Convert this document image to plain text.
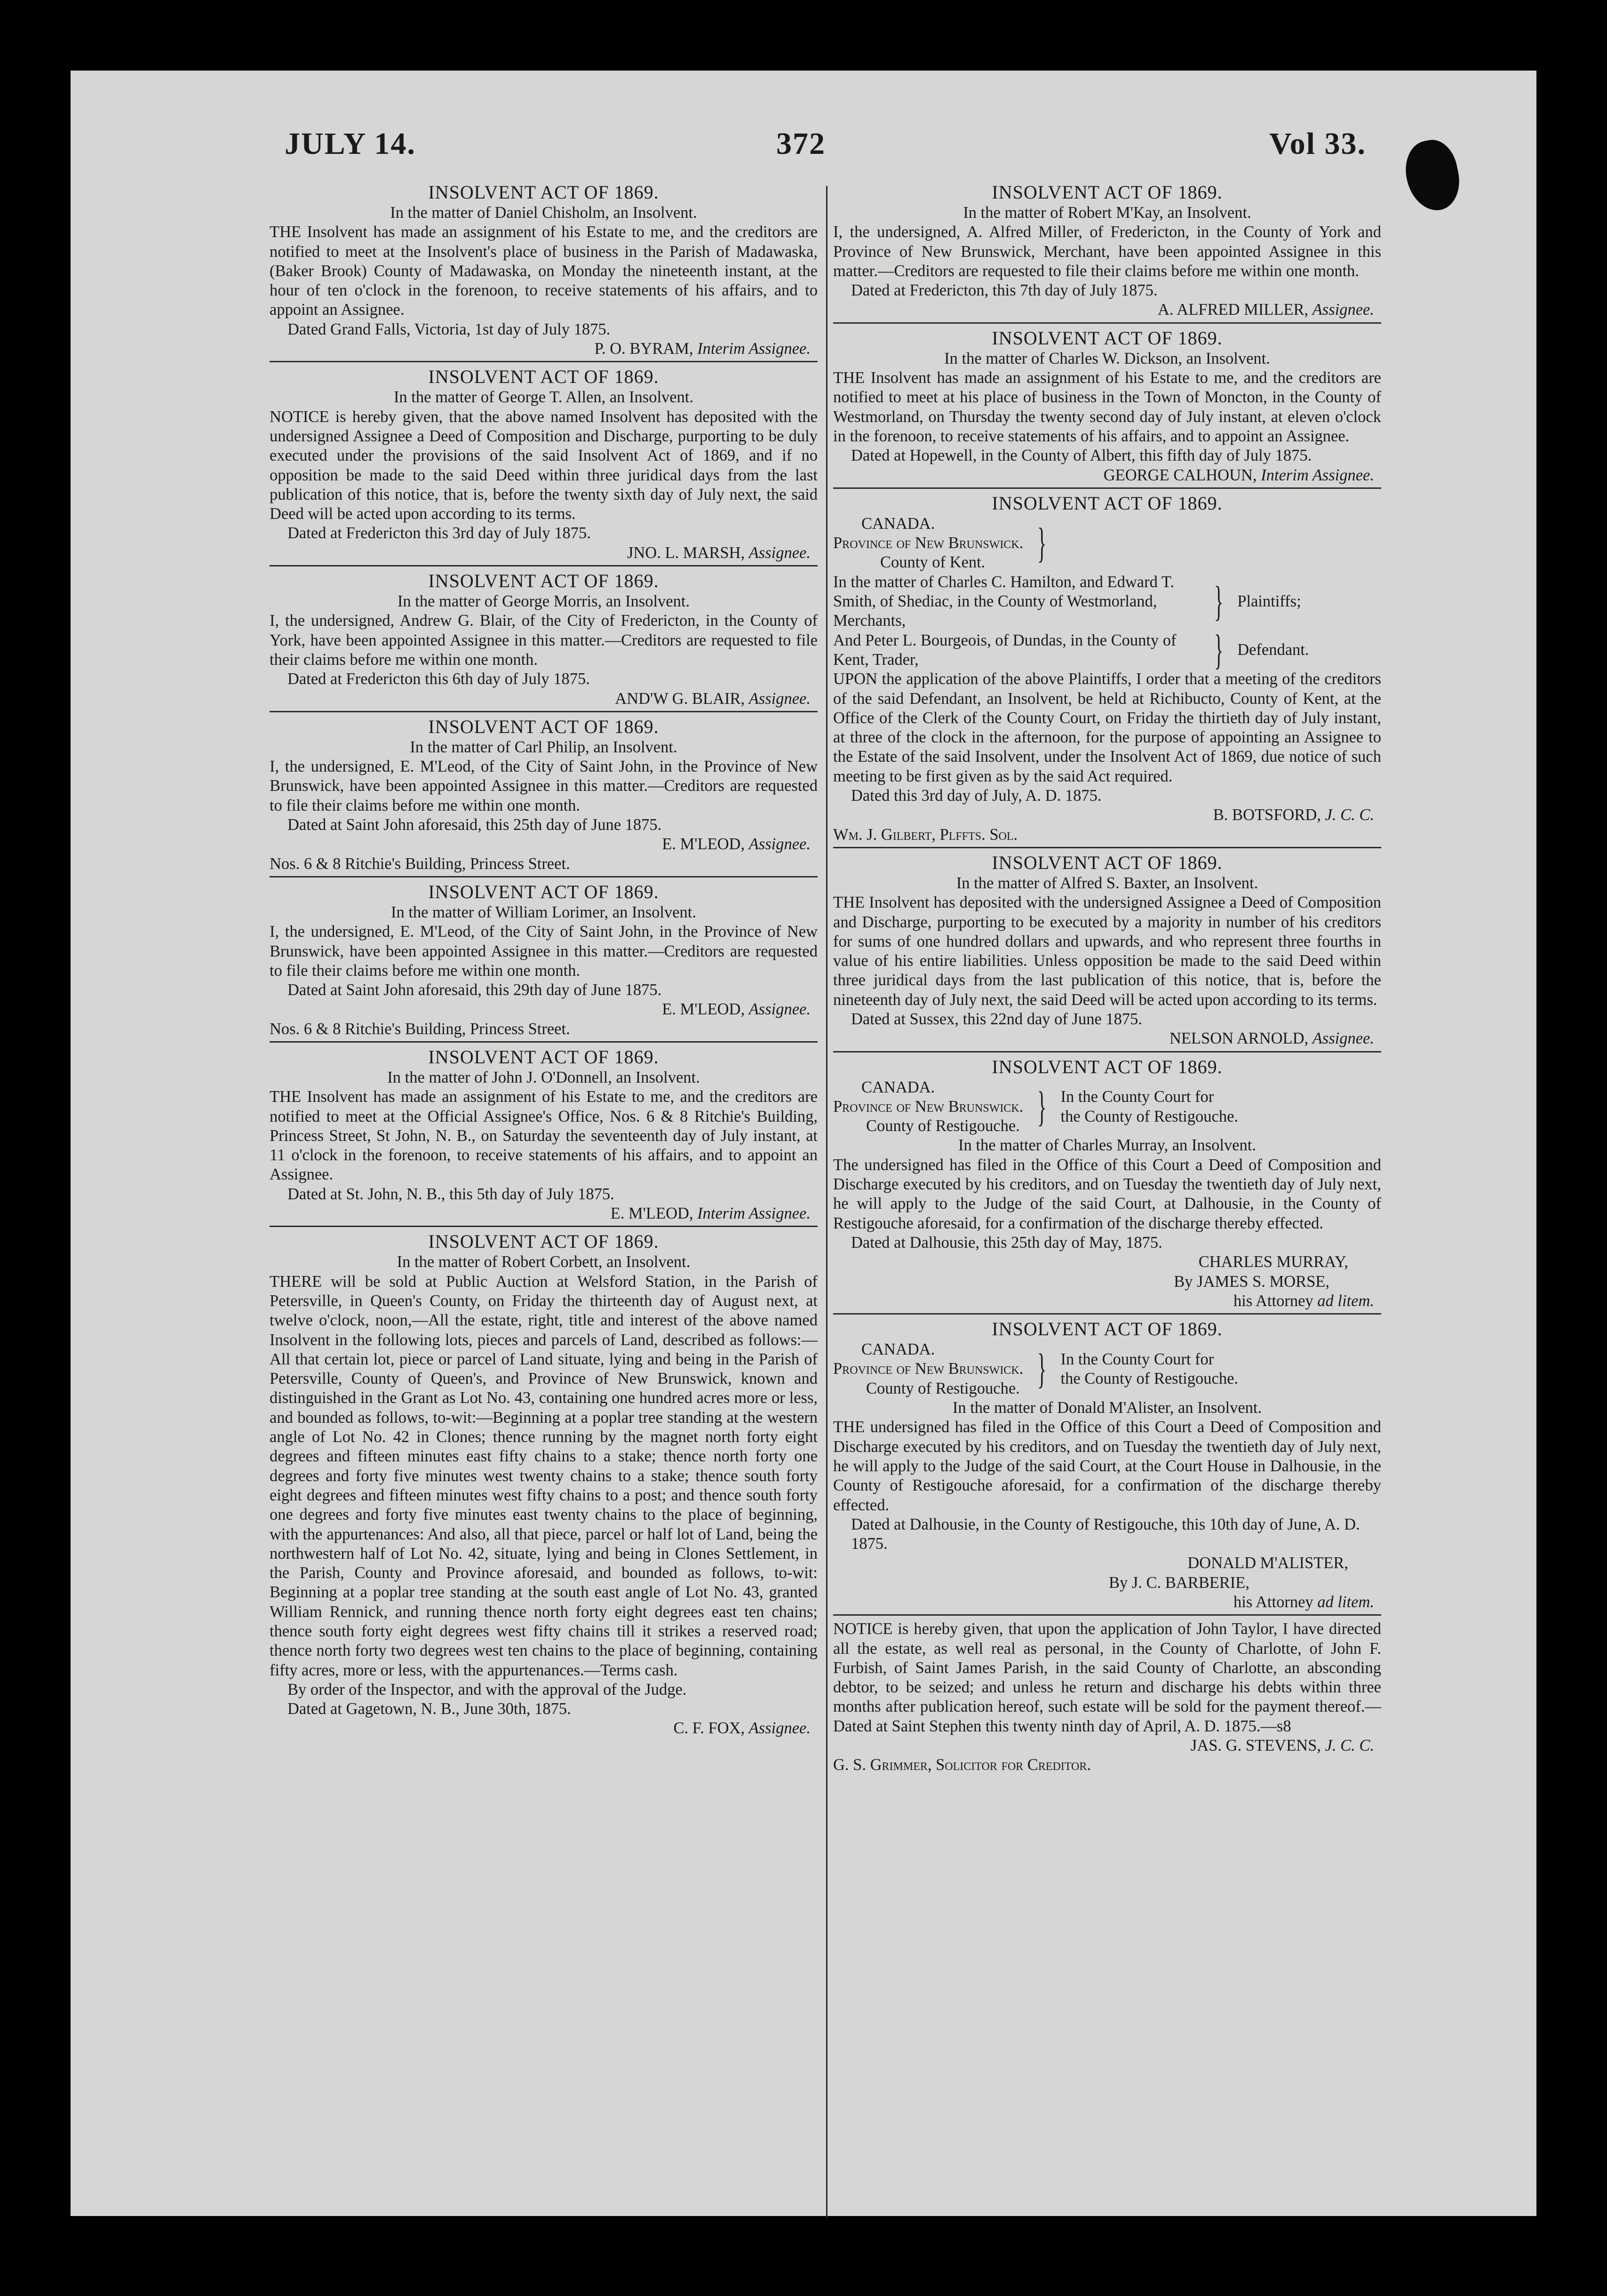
JULY 14.	372	Vol 33.
INSOLVENT ACT OF 1869.
In the matter of Daniel Chisholm, an Insolvent.

THE Insolvent has made an assignment of his Estate to me, and the creditors are notified to meet at the Insolvent's place of business in the Parish of Madawaska, (Baker Brook) County of Madawaska, on Monday the nineteenth instant, at the hour of ten o'clock in the forenoon, to receive statements of his affairs, and to appoint an Assignee.

Dated Grand Falls, Victoria, 1st day of July 1875.

P. O. BYRAM, Interim Assignee.
INSOLVENT ACT OF 1869.
In the matter of George T. Allen, an Insolvent.

NOTICE is hereby given, that the above named Insolvent has deposited with the undersigned Assignee a Deed of Composition and Discharge, purporting to be duly executed under the provisions of the said Insolvent Act of 1869, and if no opposition be made to the said Deed within three juridical days from the last publication of this notice, that is, before the twenty sixth day of July next, the said Deed will be acted upon according to its terms.

Dated at Fredericton this 3rd day of July 1875.

JNO. L. MARSH, Assignee.
INSOLVENT ACT OF 1869.
In the matter of George Morris, an Insolvent.

I, the undersigned, Andrew G. Blair, of the City of Fredericton, in the County of York, have been appointed Assignee in this matter.—Creditors are requested to file their claims before me within one month.

Dated at Fredericton this 6th day of July 1875.

AND'W G. BLAIR, Assignee.
INSOLVENT ACT OF 1869.
In the matter of Carl Philip, an Insolvent.

I, the undersigned, E. M'Leod, of the City of Saint John, in the Province of New Brunswick, have been appointed Assignee in this matter.—Creditors are requested to file their claims before me within one month.

Dated at Saint John aforesaid, this 25th day of June 1875.

E. M'LEOD, Assignee.
Nos. 6 & 8 Ritchie's Building, Princess Street.
INSOLVENT ACT OF 1869.
In the matter of William Lorimer, an Insolvent.

I, the undersigned, E. M'Leod, of the City of Saint John, in the Province of New Brunswick, have been appointed Assignee in this matter.—Creditors are requested to file their claims before me within one month.

Dated at Saint John aforesaid, this 29th day of June 1875.

E. M'LEOD, Assignee.
Nos. 6 & 8 Ritchie's Building, Princess Street.
INSOLVENT ACT OF 1869.
In the matter of John J. O'Donnell, an Insolvent.

THE Insolvent has made an assignment of his Estate to me, and the creditors are notified to meet at the Official Assignee's Office, Nos. 6 & 8 Ritchie's Building, Princess Street, St John, N. B., on Saturday the seventeenth day of July instant, at 11 o'clock in the forenoon, to receive statements of his affairs, and to appoint an Assignee.

Dated at St. John, N. B., this 5th day of July 1875.

E. M'LEOD, Interim Assignee.
INSOLVENT ACT OF 1869.
In the matter of Robert Corbett, an Insolvent.

THERE will be sold at Public Auction at Welsford Station, in the Parish of Petersville, in Queen's County, on Friday the thirteenth day of August next, at twelve o'clock, noon,—All the estate, right, title and interest of the above named Insolvent in the following lots, pieces and parcels of Land, described as follows:—All that certain lot, piece or parcel of Land situate, lying and being in the Parish of Petersville, County of Queen's, and Province of New Brunswick, known and distinguished in the Grant as Lot No. 43, containing one hundred acres more or less, and bounded as follows, to-wit:—Beginning at a poplar tree standing at the western angle of Lot No. 42 in Clones; thence running by the magnet north forty eight degrees and fifteen minutes east fifty chains to a stake; thence north forty one degrees and forty five minutes west twenty chains to a stake; thence south forty eight degrees and fifteen minutes west fifty chains to a post; and thence south forty one degrees and forty five minutes east twenty chains to the place of beginning, with the appurtenances: And also, all that piece, parcel or half lot of Land, being the northwestern half of Lot No. 42, situate, lying and being in Clones Settlement, in the Parish, County and Province aforesaid, and bounded as follows, to-wit: Beginning at a poplar tree standing at the south east angle of Lot No. 43, granted William Rennick, and running thence north forty eight degrees east ten chains; thence south forty eight degrees west fifty chains till it strikes a reserved road; thence north forty two degrees west ten chains to the place of beginning, containing fifty acres, more or less, with the appurtenances.—Terms cash.

By order of the Inspector, and with the approval of the Judge.

Dated at Gagetown, N. B., June 30th, 1875.

C. F. FOX, Assignee.
INSOLVENT ACT OF 1869.
In the matter of Robert M'Kay, an Insolvent.

I, the undersigned, A. Alfred Miller, of Fredericton, in the County of York and Province of New Brunswick, Merchant, have been appointed Assignee in this matter.—Creditors are requested to file their claims before me within one month.

Dated at Fredericton, this 7th day of July 1875.

A. ALFRED MILLER, Assignee.
INSOLVENT ACT OF 1869.
In the matter of Charles W. Dickson, an Insolvent.

THE Insolvent has made an assignment of his Estate to me, and the creditors are notified to meet at his place of business in the Town of Moncton, in the County of Westmorland, on Thursday the twenty second day of July instant, at eleven o'clock in the forenoon, to receive statements of his affairs, and to appoint an Assignee.

Dated at Hopewell, in the County of Albert, this fifth day of July 1875.

GEORGE CALHOUN, Interim Assignee.
INSOLVENT ACT OF 1869.
CANADA.
Province of New Brunswick.
County of Kent.	}
In the matter of Charles C. Hamilton, and Edward T. Smith, of Shediac, in the County of Westmorland, Merchants,	} Plaintiffs;
And Peter L. Bourgeois, of Dundas, in the County of Kent, Trader,	} Defendant.

UPON the application of the above Plaintiffs, I order that a meeting of the creditors of the said Defendant, an Insolvent, be held at Richibucto, County of Kent, at the Office of the Clerk of the County Court, on Friday the thirtieth day of July instant, at three of the clock in the afternoon, for the purpose of appointing an Assignee to the Estate of the said Insolvent, under the Insolvent Act of 1869, due notice of such meeting to be first given as by the said Act required.

Dated this 3rd day of July, A. D. 1875.

B. BOTSFORD, J. C. C.
Wm. J. Gilbert, Plffts. Sol.
INSOLVENT ACT OF 1869.
In the matter of Alfred S. Baxter, an Insolvent.

THE Insolvent has deposited with the undersigned Assignee a Deed of Composition and Discharge, purporting to be executed by a majority in number of his creditors for sums of one hundred dollars and upwards, and who represent three fourths in value of his entire liabilities. Unless opposition be made to the said Deed within three juridical days from the last publication of this notice, that is, before the nineteenth day of July next, the said Deed will be acted upon according to its terms.

Dated at Sussex, this 22nd day of June 1875.

NELSON ARNOLD, Assignee.
INSOLVENT ACT OF 1869.
CANADA.
Province of New Brunswick.
County of Restigouche. } In the County Court for
the County of Restigouche.
In the matter of Charles Murray, an Insolvent.

The undersigned has filed in the Office of this Court a Deed of Composition and Discharge executed by his creditors, and on Tuesday the twentieth day of July next, he will apply to the Judge of the said Court, at Dalhousie, in the County of Restigouche aforesaid, for a confirmation of the discharge thereby effected.

Dated at Dalhousie, this 25th day of May, 1875.

CHARLES MURRAY,
By JAMES S. MORSE,
his Attorney ad litem.
INSOLVENT ACT OF 1869.
CANADA.
Province of New Brunswick.
County of Restigouche. } In the County Court for
the County of Restigouche.
In the matter of Donald M'Alister, an Insolvent.

THE undersigned has filed in the Office of this Court a Deed of Composition and Discharge executed by his creditors, and on Tuesday the twentieth day of July next, he will apply to the Judge of the said Court, at the Court House in Dalhousie, in the County of Restigouche aforesaid, for a confirmation of the discharge thereby effected.

Dated at Dalhousie, in the County of Restigouche, this 10th day of June, A. D. 1875.

DONALD M'ALISTER,
By J. C. BARBERIE,
his Attorney ad litem.

NOTICE is hereby given, that upon the application of John Taylor, I have directed all the estate, as well real as personal, in the County of Charlotte, of John F. Furbish, of Saint James Parish, in the said County of Charlotte, an absconding debtor, to be seized; and unless he return and discharge his debts within three months after publication hereof, such estate will be sold for the payment thereof.—Dated at Saint Stephen this twenty ninth day of April, A. D. 1875.—s8

JAS. G. STEVENS, J. C. C.
G. S. Grimmer, Solicitor for Creditor.
